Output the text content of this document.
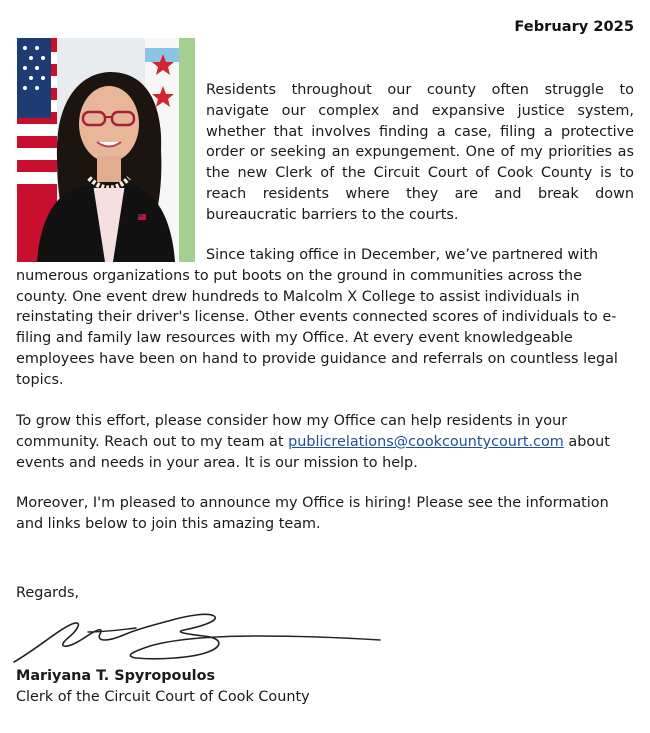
February 2025

Residents throughout our county often struggle to navigate our complex and expansive justice system, whether that involves finding a case, filing a protective order or seeking an expungement. One of my priorities as the new Clerk of the Circuit Court of Cook County is to reach residents where they are and break down bureaucratic barriers to the courts.

Since taking office in December, we’ve partnered with numerous organizations to put boots on the ground in communities across the county. One event drew hundreds to Malcolm X College to assist individuals in reinstating their driver's license. Other events connected scores of individuals to e-filing and family law resources with my Office. At every event knowledgeable employees have been on hand to provide guidance and referrals on countless legal topics.

To grow this effort, please consider how my Office can help residents in your community. Reach out to my team at publicrelations@cookcountycourt.com about events and needs in your area. It is our mission to help.

Moreover, I'm pleased to announce my Office is hiring! Please see the information and links below to join this amazing team.

Regards,

Mariyana T. Spyropoulos

Clerk of the Circuit Court of Cook County
